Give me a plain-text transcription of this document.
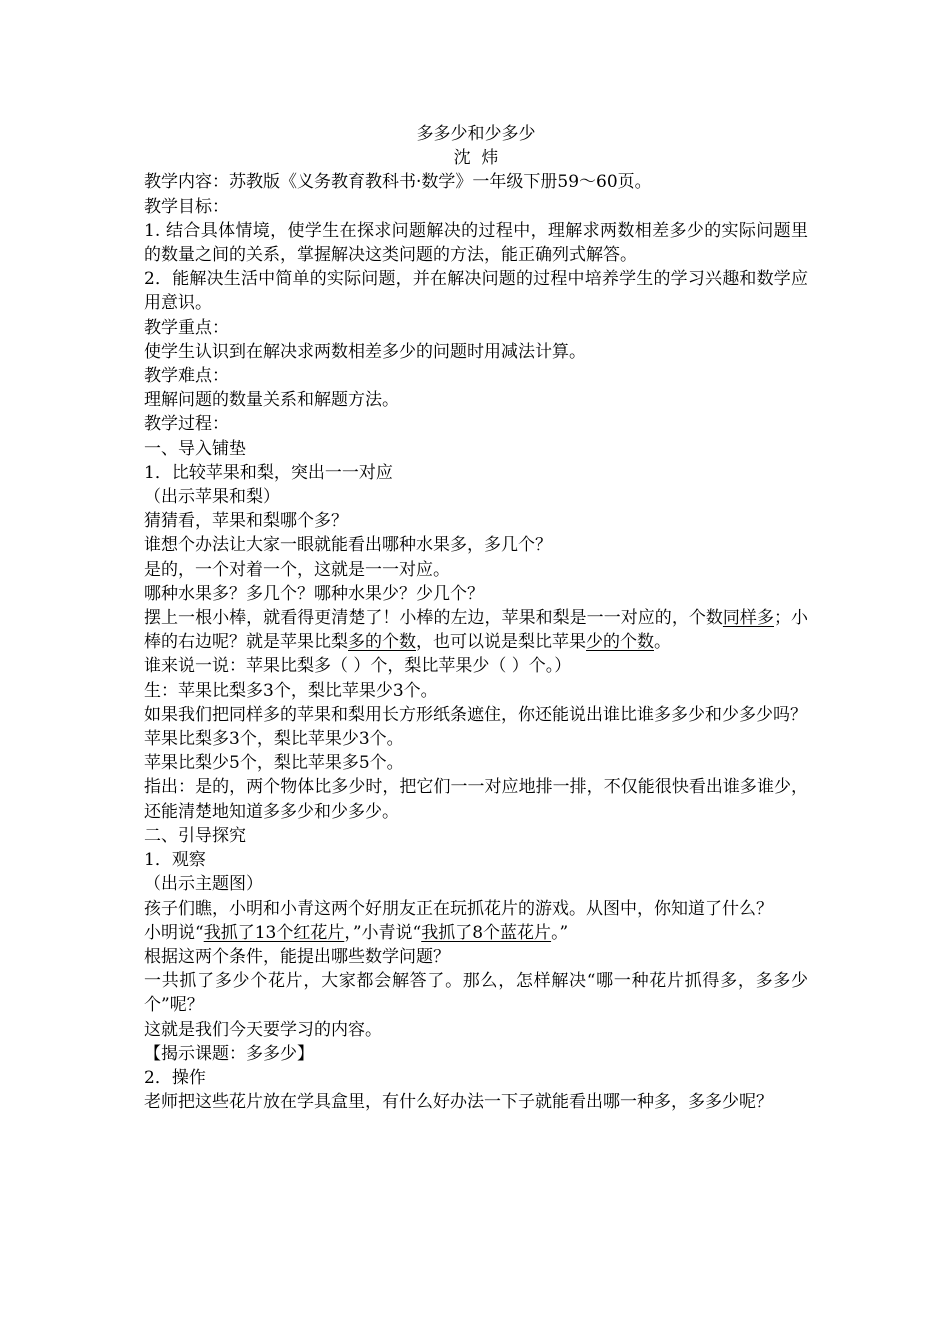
多多少和少多少

沈  炜

教学内容：苏教版《义务教育教科书·数学》一年级下册59～60页。

教学目标：

1. 结合具体情境，使学生在探求问题解决的过程中，理解求两数相差多少的实际问题里的数量之间的关系，掌握解决这类问题的方法，能正确列式解答。

2．能解决生活中简单的实际问题，并在解决问题的过程中培养学生的学习兴趣和数学应用意识。

教学重点：

使学生认识到在解决求两数相差多少的问题时用减法计算。

教学难点：

理解问题的数量关系和解题方法。

教学过程：

一、导入铺垫

1．比较苹果和梨，突出一一对应

（出示苹果和梨）

猜猜看，苹果和梨哪个多？

谁想个办法让大家一眼就能看出哪种水果多，多几个？

是的，一个对着一个，这就是一一对应。

哪种水果多？多几个？哪种水果少？少几个？

摆上一根小棒，就看得更清楚了！小棒的左边，苹果和梨是一一对应的，个数同样多；小棒的右边呢？就是苹果比梨多的个数，也可以说是梨比苹果少的个数。

谁来说一说：苹果比梨多（ ）个，梨比苹果少（ ）个。）

生：苹果比梨多3个，梨比苹果少3个。

如果我们把同样多的苹果和梨用长方形纸条遮住，你还能说出谁比谁多多少和少多少吗？

苹果比梨多3个，梨比苹果少3个。

苹果比梨少5个，梨比苹果多5个。

指出：是的，两个物体比多少时，把它们一一对应地排一排，不仅能很快看出谁多谁少，还能清楚地知道多多少和少多少。

二、引导探究

1．观察

（出示主题图）

孩子们瞧，小明和小青这两个好朋友正在玩抓花片的游戏。从图中，你知道了什么？

小明说“我抓了13个红花片，”小青说“我抓了8个蓝花片。”

根据这两个条件，能提出哪些数学问题？

一共抓了多少个花片，大家都会解答了。那么，怎样解决“哪一种花片抓得多，多多少个”呢？

这就是我们今天要学习的内容。

【揭示课题：多多少】

2．操作

老师把这些花片放在学具盒里，有什么好办法一下子就能看出哪一种多，多多少呢？
